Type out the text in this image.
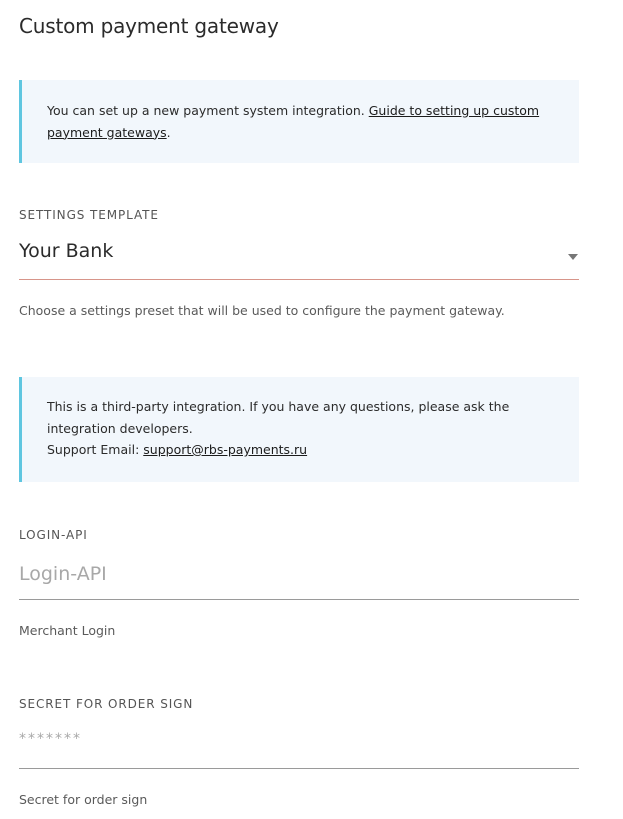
Custom payment gateway
You can set up a new payment system integration. Guide to setting up custom payment gateways.
SETTINGS TEMPLATE
Your Bank
Choose a settings preset that will be used to configure the payment gateway.
This is a third-party integration. If you have any questions, please ask the integration developers.
Support Email: support@rbs-payments.ru
LOGIN-API
Login-API
Merchant Login
SECRET FOR ORDER SIGN
Secret for order sign
